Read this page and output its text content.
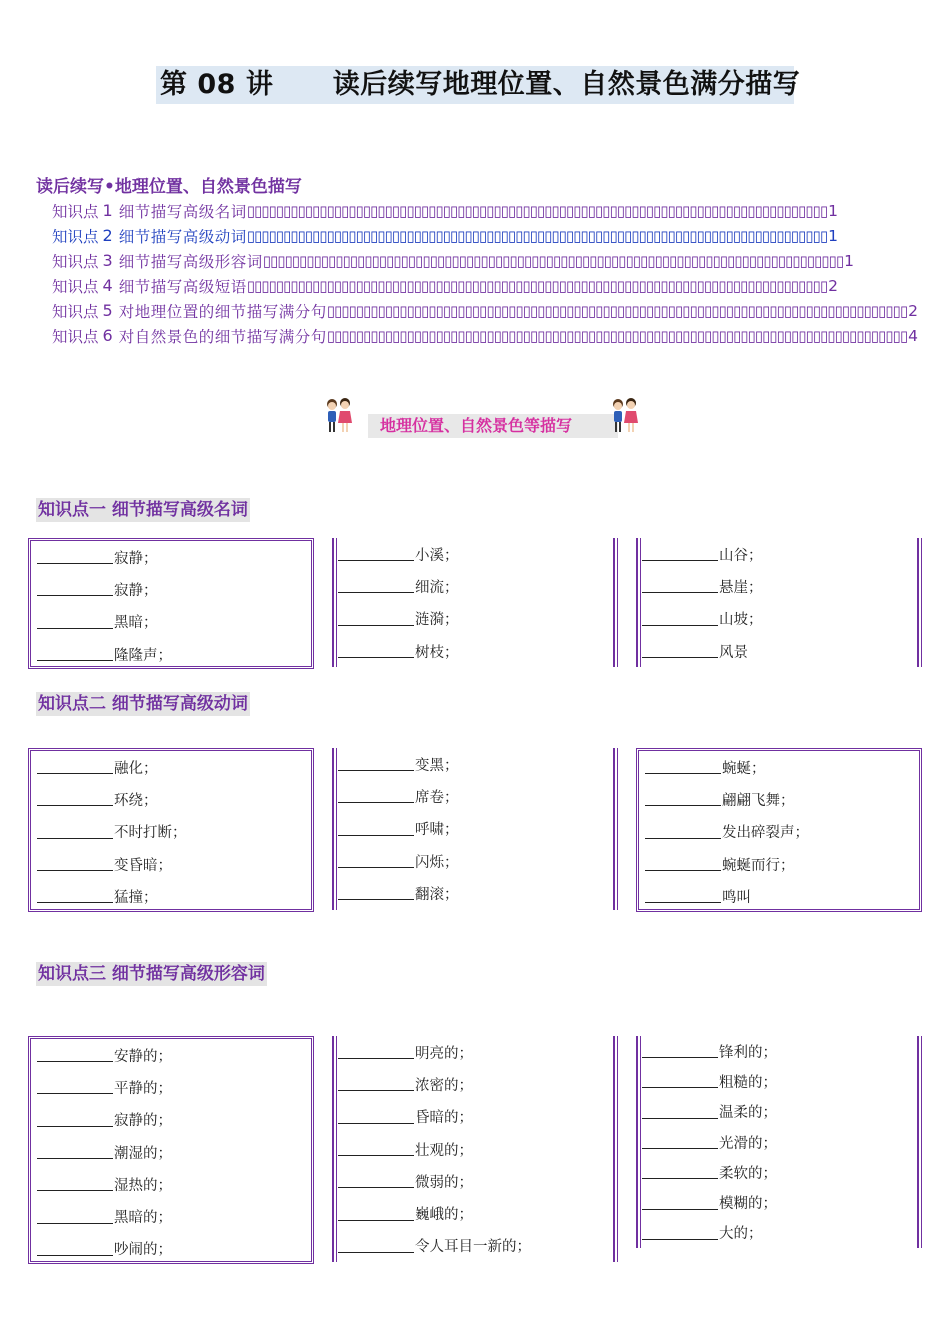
第 08 讲      读后续写地理位置、自然景色满分描写
读后续写•地理位置、自然景色描写
知识点 1 细节描写高级名词 ▯▯▯▯▯▯▯▯▯▯▯▯▯▯▯▯▯▯▯▯▯▯▯▯▯▯▯▯▯▯▯▯▯▯▯▯▯▯▯▯▯▯▯▯▯▯▯▯▯▯▯▯▯▯▯▯▯▯▯▯▯▯▯▯▯▯▯▯▯▯▯▯▯▯▯▯▯▯▯▯ 1
知识点 2 细节描写高级动词 ▯▯▯▯▯▯▯▯▯▯▯▯▯▯▯▯▯▯▯▯▯▯▯▯▯▯▯▯▯▯▯▯▯▯▯▯▯▯▯▯▯▯▯▯▯▯▯▯▯▯▯▯▯▯▯▯▯▯▯▯▯▯▯▯▯▯▯▯▯▯▯▯▯▯▯▯▯▯▯▯ 1
知识点 3 细节描写高级形容词 ▯▯▯▯▯▯▯▯▯▯▯▯▯▯▯▯▯▯▯▯▯▯▯▯▯▯▯▯▯▯▯▯▯▯▯▯▯▯▯▯▯▯▯▯▯▯▯▯▯▯▯▯▯▯▯▯▯▯▯▯▯▯▯▯▯▯▯▯▯▯▯▯▯▯▯▯▯▯▯▯ 1
知识点 4 细节描写高级短语 ▯▯▯▯▯▯▯▯▯▯▯▯▯▯▯▯▯▯▯▯▯▯▯▯▯▯▯▯▯▯▯▯▯▯▯▯▯▯▯▯▯▯▯▯▯▯▯▯▯▯▯▯▯▯▯▯▯▯▯▯▯▯▯▯▯▯▯▯▯▯▯▯▯▯▯▯▯▯▯▯ 2
知识点 5 对地理位置的细节描写满分句 ▯▯▯▯▯▯▯▯▯▯▯▯▯▯▯▯▯▯▯▯▯▯▯▯▯▯▯▯▯▯▯▯▯▯▯▯▯▯▯▯▯▯▯▯▯▯▯▯▯▯▯▯▯▯▯▯▯▯▯▯▯▯▯▯▯▯▯▯▯▯▯▯▯▯▯▯▯▯▯▯ 2
知识点 6 对自然景色的细节描写满分句 ▯▯▯▯▯▯▯▯▯▯▯▯▯▯▯▯▯▯▯▯▯▯▯▯▯▯▯▯▯▯▯▯▯▯▯▯▯▯▯▯▯▯▯▯▯▯▯▯▯▯▯▯▯▯▯▯▯▯▯▯▯▯▯▯▯▯▯▯▯▯▯▯▯▯▯▯▯▯▯▯ 4
地理位置、自然景色等描写
知识点一 细节描写高级名词
知识点二 细节描写高级动词
知识点三 细节描写高级形容词
寂静；
寂静；
黑暗；
隆隆声；
小溪；
细流；
涟漪；
树枝；
山谷；
悬崖；
山坡；
风景
融化；
环绕；
不时打断；
变昏暗；
猛撞；
变黑；
席卷；
呼啸；
闪烁；
翻滚；
蜿蜒；
翩翩飞舞；
发出碎裂声；
蜿蜒而行；
鸣叫
安静的；
平静的；
寂静的；
潮湿的；
湿热的；
黑暗的；
吵闹的；
明亮的；
浓密的；
昏暗的；
壮观的；
微弱的；
巍峨的；
令人耳目一新的；
锋利的；
粗糙的；
温柔的；
光滑的；
柔软的；
模糊的；
大的；
